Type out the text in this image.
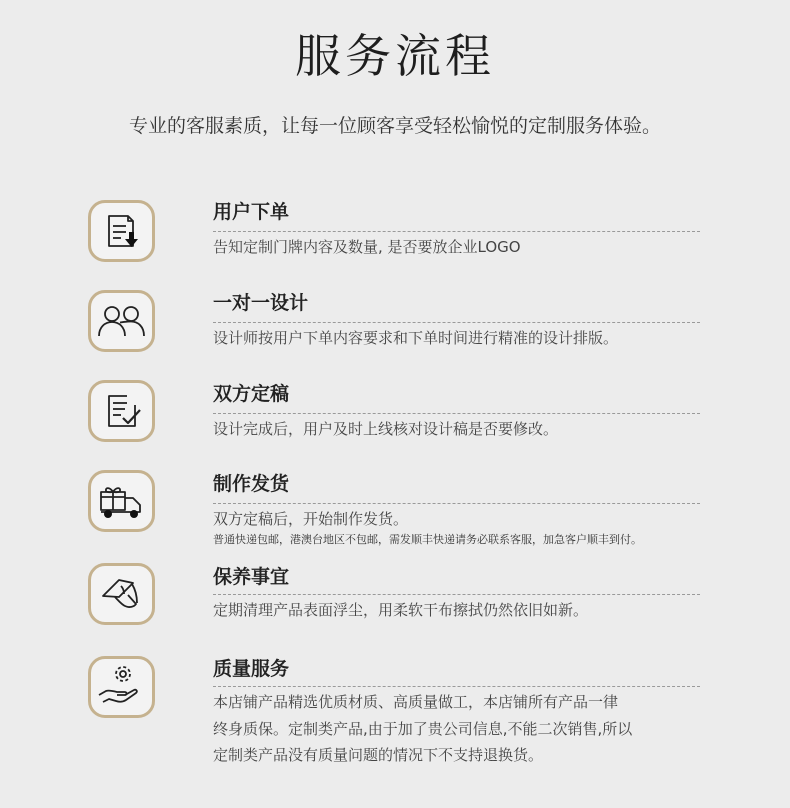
服务流程

专业的客服素质，让每一位顾客享受轻松愉悦的定制服务体验。

用户下单
告知定制门牌内容及数量, 是否要放企业LOGO
一对一设计
设计师按用户下单内容要求和下单时间进行精准的设计排版。
双方定稿
设计完成后，用户及时上线核对设计稿是否要修改。
制作发货
双方定稿后，开始制作发货。
普通快递包邮，港澳台地区不包邮，需发顺丰快递请务必联系客服，加急客户顺丰到付。
保养事宜
定期清理产品表面浮尘，用柔软干布擦拭仍然依旧如新。
质量服务
本店铺产品精选优质材质、高质量做工，本店铺所有产品一律
终身质保。定制类产品,由于加了贵公司信息,不能二次销售,所以
定制类产品没有质量问题的情况下不支持退换货。
